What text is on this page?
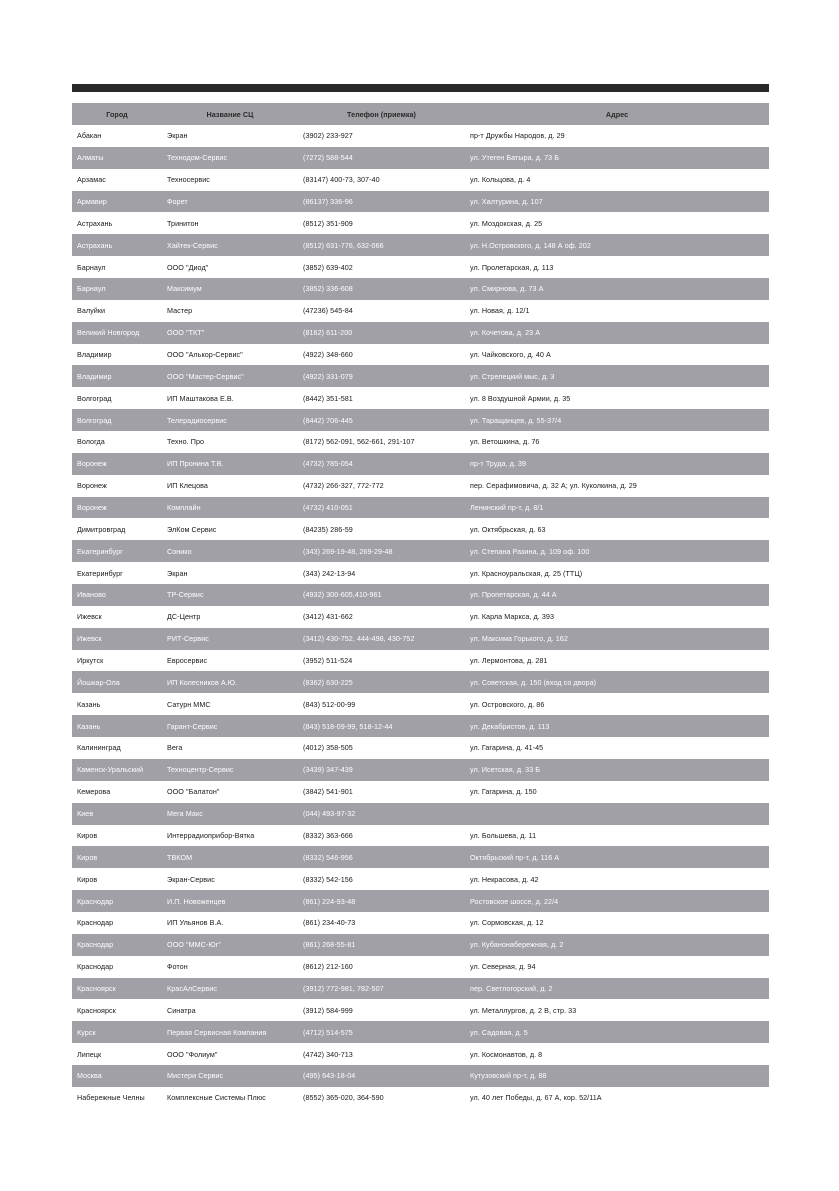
Город	Название СЦ	Телефон (приемка)	Адрес
Абакан	Экран	(3902) 233-927	пр-т Дружбы Народов, д. 29
Алматы	Технодом-Сервис	(7272) 588-544	ул. Утеген Батыра, д. 73 Б
Арзамас	Техносервис	(83147) 400-73, 307-40	ул. Кольцова, д. 4
Армавир	Форет	(86137) 336-96	ул. Халтурина, д. 107
Астрахань	Тринитон	(8512) 351-909	ул. Моздокская, д. 25
Астрахань	Хайтек-Сервис	(8512) 631-776, 632-066	ул. Н.Островского, д. 148 А оф. 202
Барнаул	ООО "Диод"	(3852) 639-402	ул. Пролетарская, д. 113
Барнаул	Максимум	(3852) 336-608	ул. Смирнова, д. 73 А
Валуйки	Мастер	(47236) 545-84	ул. Новая, д. 12/1
Великий Новгород	ООО "ТКТ"	(8162) 611-200	ул. Кочетова, д. 23 А
Владимир	ООО "Алькор-Сервис"	(4922) 348-660	ул. Чайковского, д. 40 А
Владимир	ООО "Мастер-Сервис"	(4922) 331-079	ул. Стрелецкий мыс, д. 3
Волгоград	ИП Маштакова Е.В.	(8442) 351-581	ул. 8 Воздушной Армии, д. 35
Волгоград	Телерадиосервис	(8442) 706-445	ул. Таращанцев, д. 55-37/4
Вологда	Техно. Про	(8172) 562-091, 562-661, 291-107	ул. Ветошкина, д. 76
Воронеж	ИП Пронина Т.В.	(4732) 785-054	пр-т Труда, д. 39
Воронеж	ИП Клецова	(4732) 266-327, 772-772	пер. Серафимовича, д. 32 А; ул. Куколкина, д. 29
Воронеж	Комплайн	(4732) 410-051	Ленинский пр-т, д. 8/1
Димитровград	ЭлКом Сервис	(84235) 286-59	ул. Октябрьская, д. 63
Екатеринбург	Сонико	(343) 269-19-48, 269-29-48	ул. Степана Разина, д. 109 оф. 100
Екатеринбург	Экран	(343) 242-13-94	ул. Красноуральская, д. 25 (ТТЦ)
Иваново	ТР-Сервис	(4932) 300-605,410-961	ул. Пропетарская, д. 44 А
Ижевск	ДС-Центр	(3412) 431-662	ул. Карла Маркса, д. 393
Ижевск	РИТ-Сервис	(3412) 430-752, 444-498, 430-752	ул. Максима Горького, д. 162
Иркутск	Евросервис	(3952) 511-524	ул. Лермонтова, д. 281
Йошкар-Ола	ИП Колесников А.Ю.	(8362) 630-225	ул. Советская, д. 150 (вход со двора)
Казань	Сатурн ММС	(843) 512-00-99	ул. Островского, д. 86
Казань	Гарант-Сервис	(843) 518-09-99, 518-12-44	ул. Декабристов, д. 113
Калининград	Вега	(4012) 358-505	ул. Гагарина, д. 41-45
Каменск-Уральский	Техноцентр-Сервис	(3439) 347-439	ул. Исетская, д. 33 Б
Кемерова	ООО "Балатон"	(3842) 541-901	ул. Гагарина, д. 150
Киев	Мега Макс	(044) 493-97-32
Киров	Интеррадиоприбор-Вятка	(8332) 363-666	ул. Большева, д. 11
Киров	ТВКОМ	(8332) 546-956	Октябрьский пр-т, д. 116 А
Киров	Экран-Сервис	(8332) 542-156	ул. Некрасова, д. 42
Краснодар	И.П. Новоженцев	(861) 224-93-48	Ростовское шоссе, д. 22/4
Краснодар	ИП Ульянов В.А.	(861) 234-40-73	ул. Сормовская, д. 12
Краснодар	ООО "ММС-Юг"	(861) 268-55-81	ул. Кубанонабережная, д. 2
Краснодар	Фотон	(8612) 212-160	ул. Северная, д. 94
Красноярск	КрасАлСервис	(3912) 772-981, 782-507	пер. Светлогорский, д. 2
Красноярск	Синатра	(3912) 584-999	ул. Металлургов, д. 2 В, стр. 33
Курск	Первая Сервисная Компания	(4712) 514-575	ул. Садовая, д. 5
Липецк	ООО "Фолиум"	(4742) 340-713	ул. Космонавтов, д. 8
Москва	Мистери Сервис	(495) 643-18-04	Кутузовский пр-т, д. 88
Набережные Челны	Комплексные Системы Плюс	(8552) 365-020, 364-590	ул. 40 лет Победы, д. 67 А, кор. 52/11А
